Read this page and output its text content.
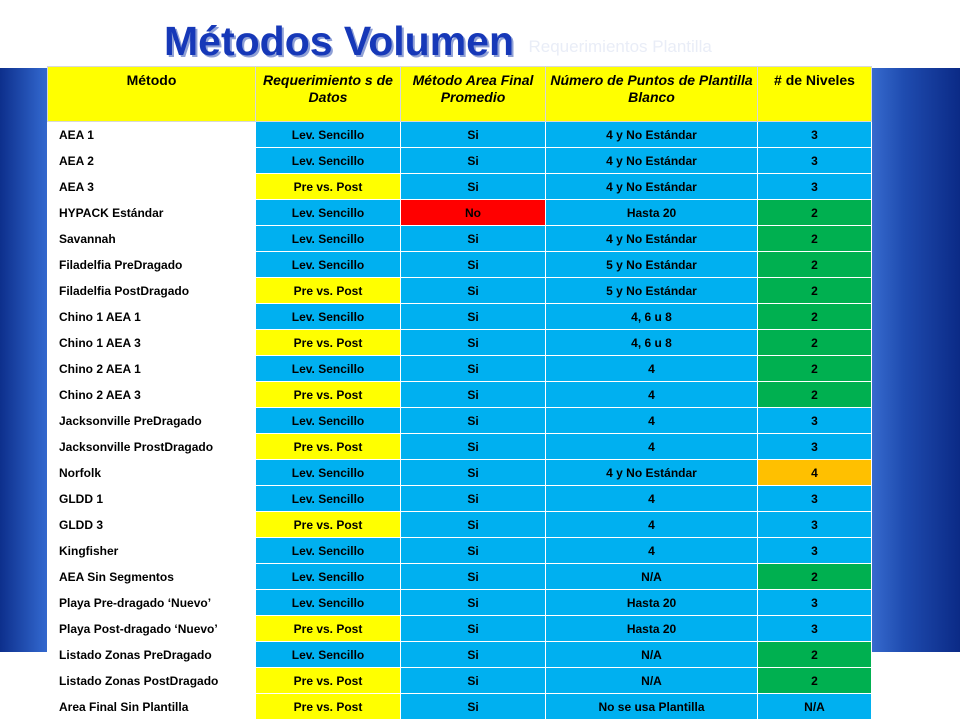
Métodos Volumen Requerimientos Plantilla
Método	Requerimiento s de Datos	Método Area Final Promedio	Número de Puntos de Plantilla Blanco	# de Niveles
AEA 1	Lev. Sencillo	Si	4 y No Estándar	3
AEA 2	Lev. Sencillo	Si	4 y No Estándar	3
AEA 3	Pre vs. Post	Si	4 y No Estándar	3
HYPACK Estándar	Lev. Sencillo	No	Hasta 20	2
Savannah	Lev. Sencillo	Si	4 y No Estándar	2
Filadelfia PreDragado	Lev. Sencillo	Si	5 y No Estándar	2
Filadelfia PostDragado	Pre vs. Post	Si	5 y No Estándar	2
Chino 1 AEA 1	Lev. Sencillo	Si	4, 6 u 8	2
Chino 1 AEA 3	Pre vs. Post	Si	4, 6 u 8	2
Chino 2 AEA 1	Lev. Sencillo	Si	4	2
Chino 2 AEA 3	Pre vs. Post	Si	4	2
Jacksonville PreDragado	Lev. Sencillo	Si	4	3
Jacksonville ProstDragado	Pre vs. Post	Si	4	3
Norfolk	Lev. Sencillo	Si	4 y No Estándar	4
GLDD 1	Lev. Sencillo	Si	4	3
GLDD 3	Pre vs. Post	Si	4	3
Kingfisher	Lev. Sencillo	Si	4	3
AEA Sin Segmentos	Lev. Sencillo	Si	N/A	2
Playa Pre-dragado ‘Nuevo’	Lev. Sencillo	Si	Hasta 20	3
Playa Post-dragado ‘Nuevo’	Pre vs. Post	Si	Hasta 20	3
Listado Zonas PreDragado	Lev. Sencillo	Si	N/A	2
Listado Zonas PostDragado	Pre vs. Post	Si	N/A	2
Area Final Sin Plantilla	Pre vs. Post	Si	No se usa Plantilla	N/A
